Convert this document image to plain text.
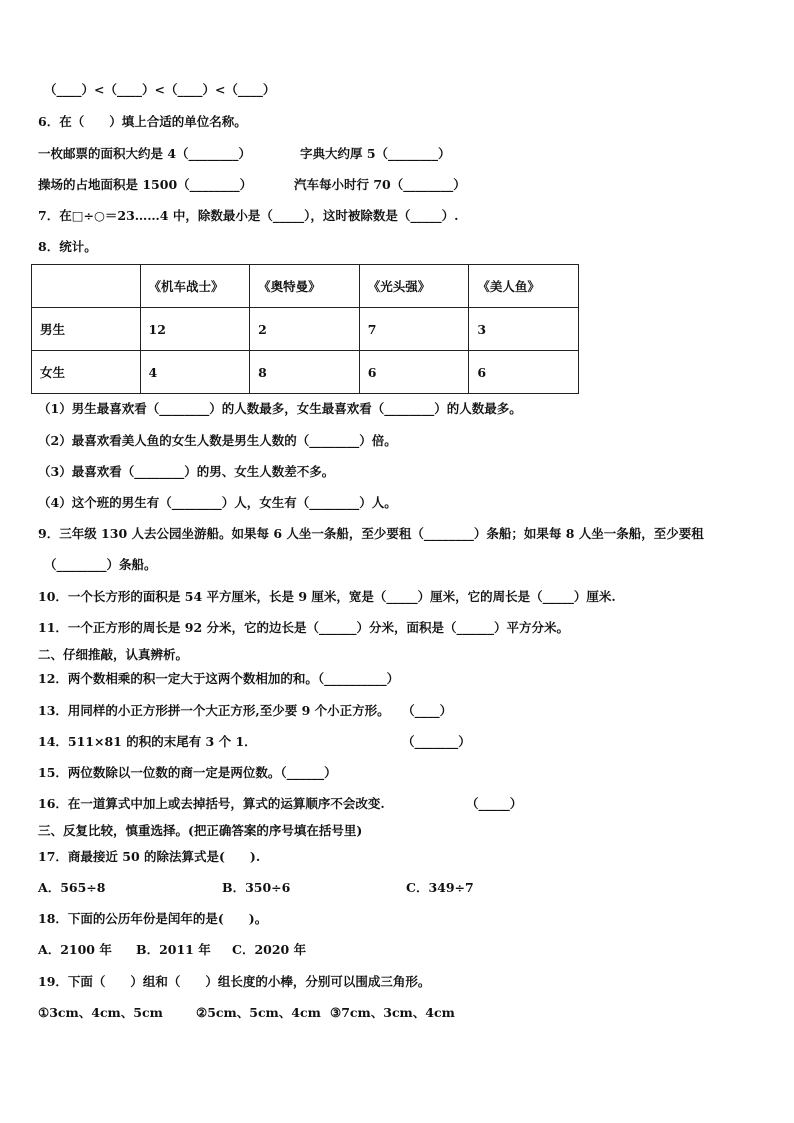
（____）<（____）<（____）<（____）
6．在（　　）填上合适的单位名称。
一枚邮票的面积大约是 4（________）	字典大约厚 5（________）
操场的占地面积是 1500（________）	汽车每小时行 70（________）
7．在□÷○＝23……4 中，除数最小是（_____），这时被除数是（_____）.
8．统计。
	《机车战士》	《奥特曼》	《光头强》	《美人鱼》
男生	12	2	7	3
女生	4	8	6	6
（1）男生最喜欢看（________）的人数最多，女生最喜欢看（________）的人数最多。
（2）最喜欢看美人鱼的女生人数是男生人数的（________）倍。
（3）最喜欢看（________）的男、女生人数差不多。
（4）这个班的男生有（________）人，女生有（________）人。
9．三年级 130 人去公园坐游船。如果每 6 人坐一条船，至少要租（________）条船；如果每 8 人坐一条船，至少要租
（________）条船。
10．一个长方形的面积是 54 平方厘米，长是 9 厘米，宽是（_____）厘米，它的周长是（_____）厘米.
11．一个正方形的周长是 92 分米，它的边长是（______）分米，面积是（______）平方分米。
二、仔细推敲，认真辨析。
12．两个数相乘的积一定大于这两个数相加的和。（__________）
13．用同样的小正方形拼一个大正方形,至少要 9 个小正方形。　　（____）
14．511×81 的积的末尾有 3 个 1．	（_______）
15．两位数除以一位数的商一定是两位数。（______）
16．在一道算式中加上或去掉括号，算式的运算顺序不会改变.	（_____）
三、反复比较，慎重选择。(把正确答案的序号填在括号里)
17．商最接近 50 的除法算式是(　　).
A．565÷8	B．350÷6	C．349÷7
18．下面的公历年份是闰年的是(　　)。
A．2100 年 B．2011 年 C．2020 年
19．下面（　　）组和（　　）组长度的小棒，分别可以围成三角形。
①3cm、4cm、5cm	②5cm、5cm、4cm ③7cm、3cm、4cm
